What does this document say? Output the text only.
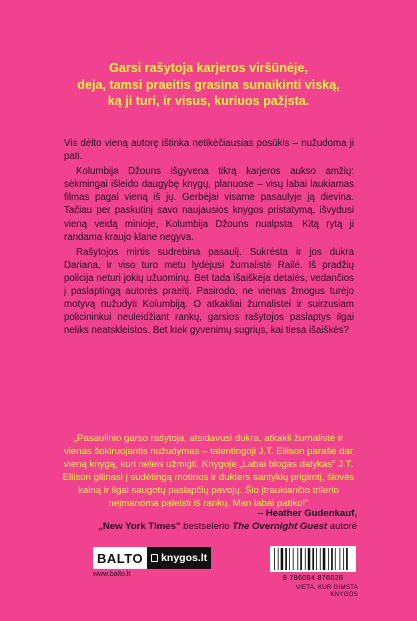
Garsi rašytoja karjeros viršūnėje,
deja, tamsi praeitis grasina sunaikinti viską,
ką ji turi, ir visus, kuriuos pažįsta.

Vis dėlto vieną autorę ištinka netikėčiausias posūkis – nužudoma ji pati.

Kolumbija Džouns išgyvena tikrą karjeros aukso amžių: sėkmingai išleido daugybę knygų, planuose – visų labai laukiamas filmas pagal vieną iš jų. Gerbėjai visame pasaulyje ją dievina. Tačiau per paskutinį savo naujausios knygos pristatymą, išvydusi vieną veidą minioje, Kolumbija Džouns nualpsta. Kitą rytą ji randama kraujo klane negyva.

Rašytojos mirtis sudrebina pasaulį. Sukrėsta ir jos dukra Dariana, ir viso turo metu lydėjusi žurnalistė Railė. Iš pradžių policija neturi jokių užuominų. Bet tada išaiškėja detalės, vedančios į paslaptingą autorės praeitį. Pasirodo, ne vienas žmogus turėjo motyvą nužudyti Kolumbiją. O atkakliai žurnalistei ir suirzusiam policininkui neuleidžiant rankų, garsios rašytojos paslaptys ilgai neliks neatskleistos. Bet kiek gyvenimų sugriųs, kai tiesa išaiškės?

„Pasaulinio garso rašytoja, atsidavusi dukra, atkakli žurnalistė ir vienas šokiruojantis nužudymas – talentingoji J.T. Ellison parašė dar vieną knygą, kuri neleis užmigti. Knygoje „Labai blogas dalykas" J.T. Ellison gilinasi į sudėtingą motinos ir dukters santykių prigimtį, šlovės kainą ir ilgai saugotų paslapčių pavojų. Šio įtraukiančio trilerio neįmanoma paleisti iš rankų. Man labai patiko!"
– Heather Gudenkauf,
„New York Times" bestselerio The Overnight Guest autorė
BALTO	knygos.lt
www.balto.lt	9 786094 876028
VIETA, KUR GIMSTA KNYGOS
